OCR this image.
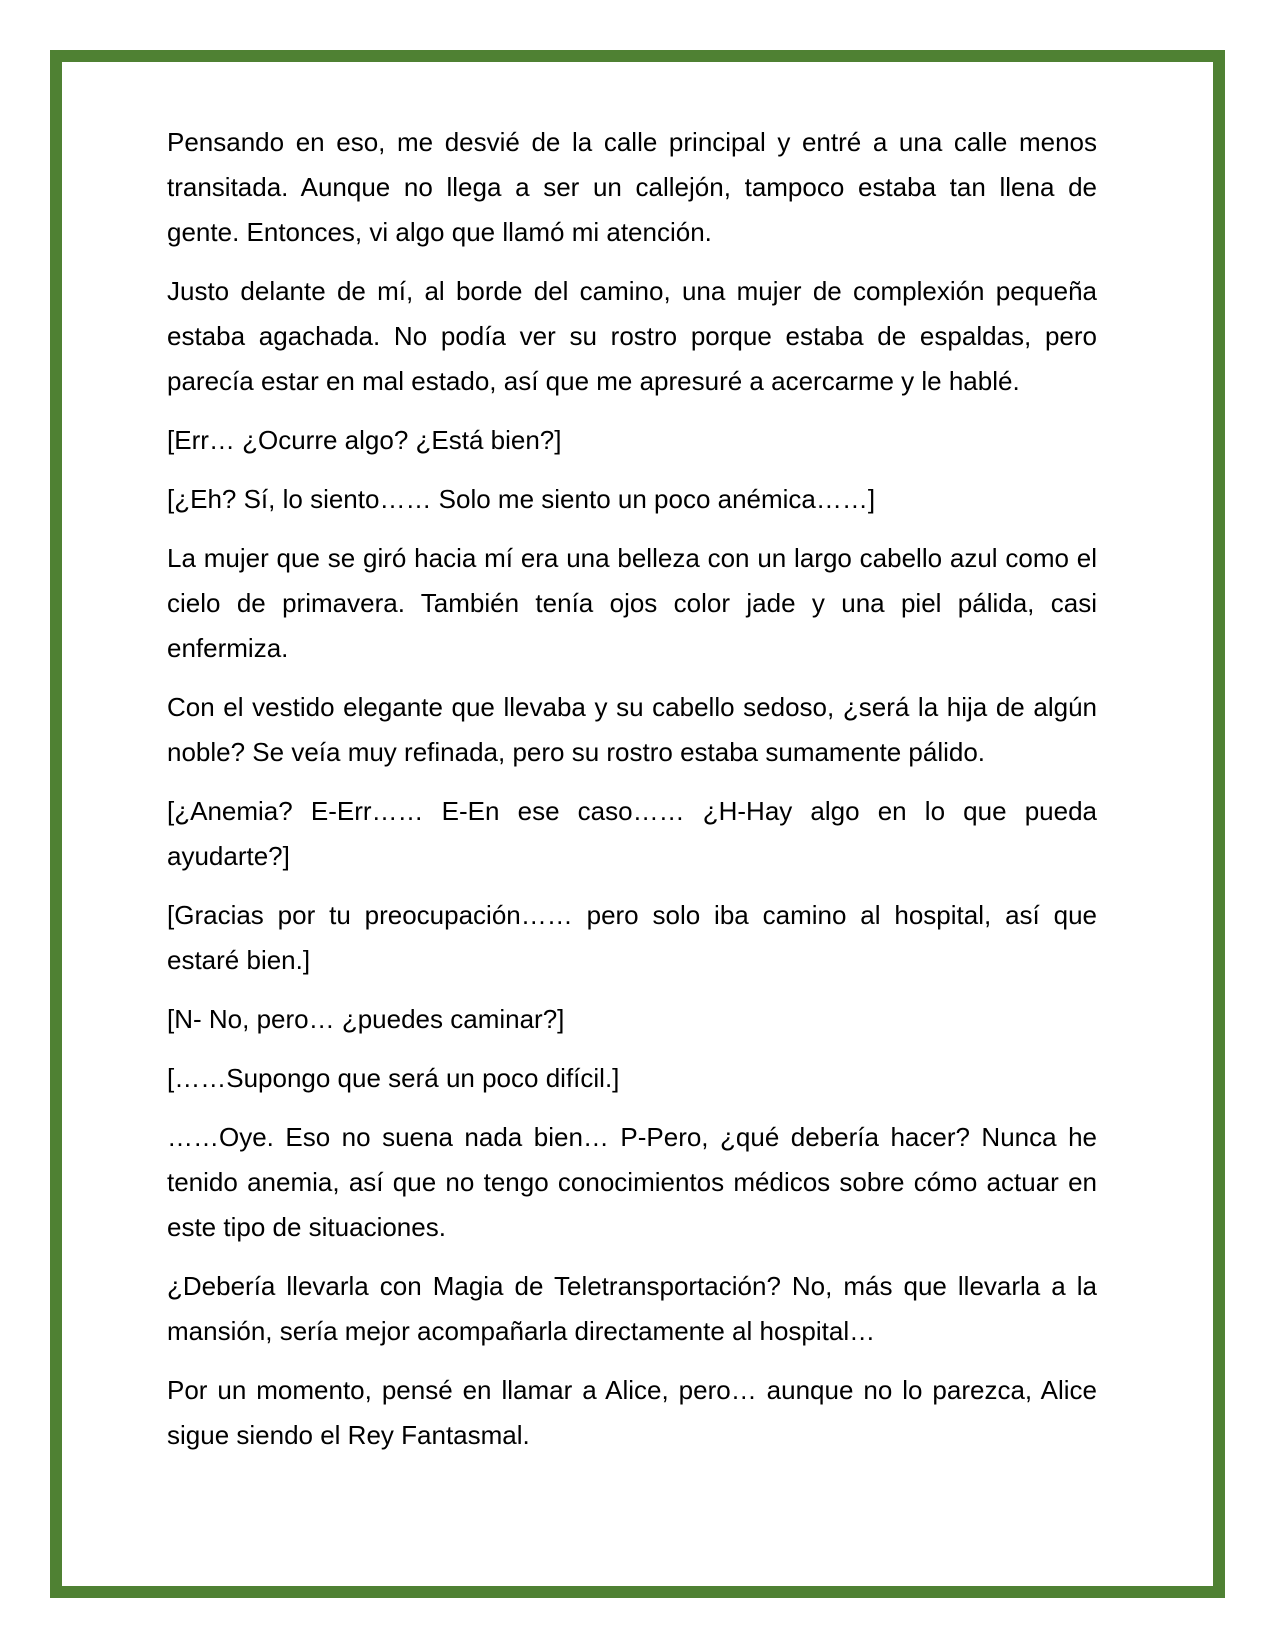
Pensando en eso, me desvié de la calle principal y entré a una calle menos transitada. Aunque no llega a ser un callejón, tampoco estaba tan llena de gente. Entonces, vi algo que llamó mi atención.

Justo delante de mí, al borde del camino, una mujer de complexión pequeña estaba agachada. No podía ver su rostro porque estaba de espaldas, pero parecía estar en mal estado, así que me apresuré a acercarme y le hablé.

[Err… ¿Ocurre algo? ¿Está bien?]

[¿Eh? Sí, lo siento…… Solo me siento un poco anémica……]

La mujer que se giró hacia mí era una belleza con un largo cabello azul como el cielo de primavera. También tenía ojos color jade y una piel pálida, casi enfermiza.

Con el vestido elegante que llevaba y su cabello sedoso, ¿será la hija de algún noble? Se veía muy refinada, pero su rostro estaba sumamente pálido.

[¿Anemia? E-Err…… E-En ese caso…… ¿H-Hay algo en lo que pueda ayudarte?]

[Gracias por tu preocupación…… pero solo iba camino al hospital, así que estaré bien.]

[N- No, pero… ¿puedes caminar?]

[……Supongo que será un poco difícil.]

……Oye. Eso no suena nada bien… P-Pero, ¿qué debería hacer? Nunca he tenido anemia, así que no tengo conocimientos médicos sobre cómo actuar en este tipo de situaciones.

¿Debería llevarla con Magia de Teletransportación? No, más que llevarla a la mansión, sería mejor acompañarla directamente al hospital…

Por un momento, pensé en llamar a Alice, pero… aunque no lo parezca, Alice sigue siendo el Rey Fantasmal.
